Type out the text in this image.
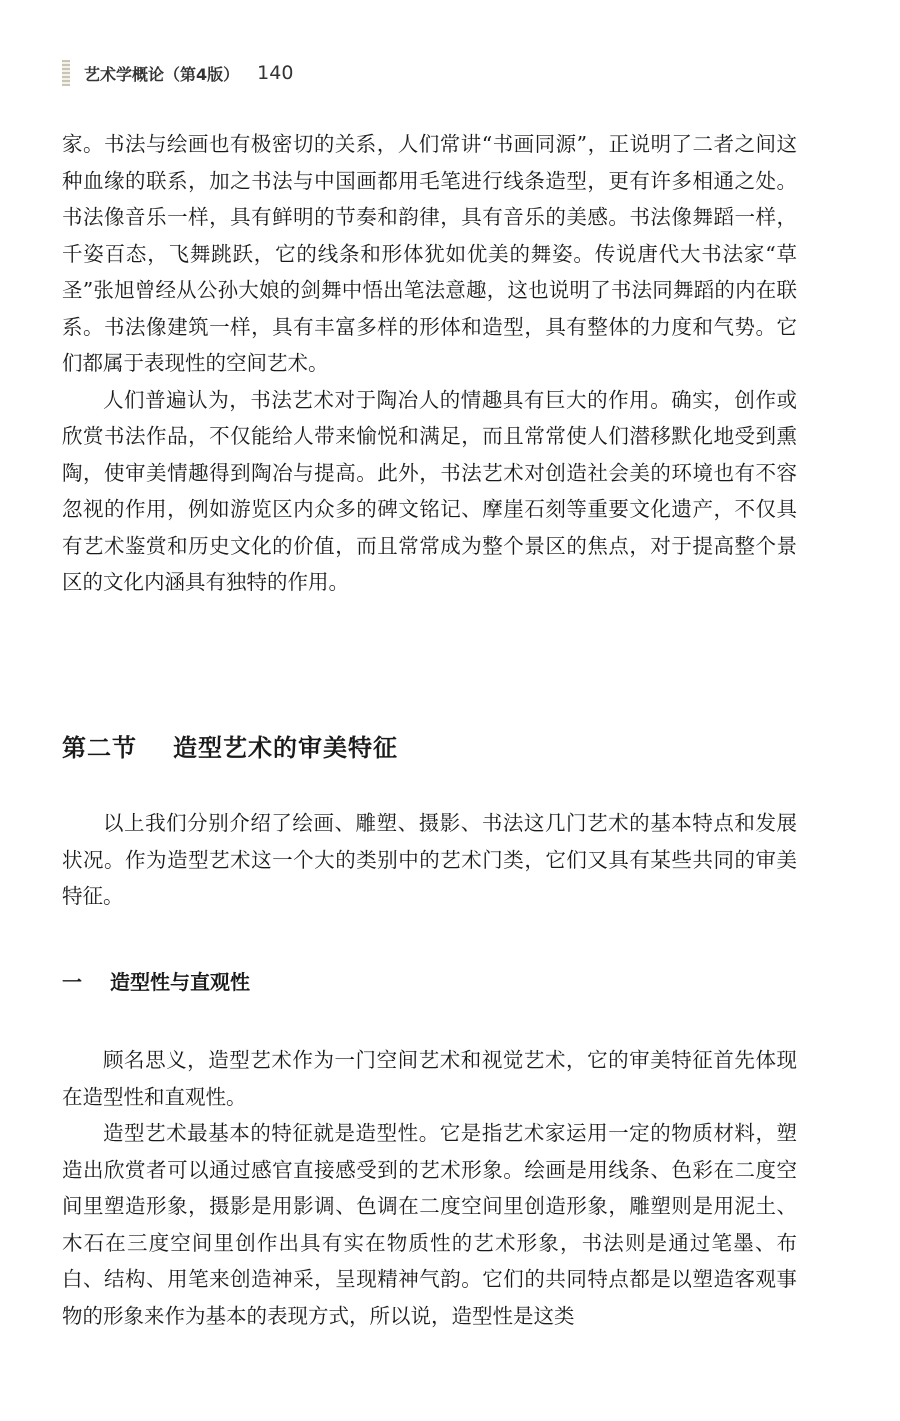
艺术学概论（第4版） 140

家。书法与绘画也有极密切的关系，人们常讲“书画同源”，正说明了二者之间这种血缘的联系，加之书法与中国画都用毛笔进行线条造型，更有许多相通之处。书法像音乐一样，具有鲜明的节奏和韵律，具有音乐的美感。书法像舞蹈一样，千姿百态，飞舞跳跃，它的线条和形体犹如优美的舞姿。传说唐代大书法家“草圣”张旭曾经从公孙大娘的剑舞中悟出笔法意趣，这也说明了书法同舞蹈的内在联系。书法像建筑一样，具有丰富多样的形体和造型，具有整体的力度和气势。它们都属于表现性的空间艺术。

人们普遍认为，书法艺术对于陶冶人的情趣具有巨大的作用。确实，创作或欣赏书法作品，不仅能给人带来愉悦和满足，而且常常使人们潜移默化地受到熏陶，使审美情趣得到陶冶与提高。此外，书法艺术对创造社会美的环境也有不容忽视的作用，例如游览区内众多的碑文铭记、摩崖石刻等重要文化遗产，不仅具有艺术鉴赏和历史文化的价值，而且常常成为整个景区的焦点，对于提高整个景区的文化内涵具有独特的作用。

第二节 造型艺术的审美特征

以上我们分别介绍了绘画、雕塑、摄影、书法这几门艺术的基本特点和发展状况。作为造型艺术这一个大的类别中的艺术门类，它们又具有某些共同的审美特征。

一 造型性与直观性

顾名思义，造型艺术作为一门空间艺术和视觉艺术，它的审美特征首先体现在造型性和直观性。

造型艺术最基本的特征就是造型性。它是指艺术家运用一定的物质材料，塑造出欣赏者可以通过感官直接感受到的艺术形象。绘画是用线条、色彩在二度空间里塑造形象，摄影是用影调、色调在二度空间里创造形象，雕塑则是用泥土、木石在三度空间里创作出具有实在物质性的艺术形象，书法则是通过笔墨、布白、结构、用笔来创造神采，呈现精神气韵。它们的共同特点都是以塑造客观事物的形象来作为基本的表现方式，所以说，造型性是这类
